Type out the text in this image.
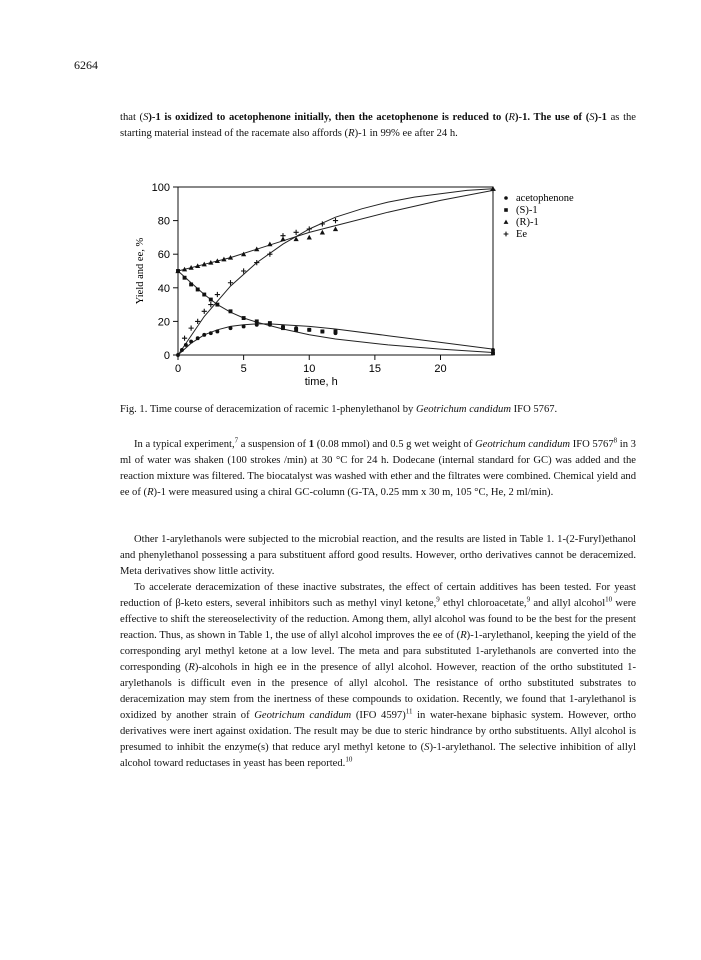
6264

that (S)-1 is oxidized to acetophenone initially, then the acetophenone is reduced to (R)-1. The use of (S)-1 as the starting material instead of the racemate also affords (R)-1 in 99% ee after 24 h.

0
20
40
60
80
100
0	5	10	15	20
acetophenone
(S)-1
(R)-1
Ee
Yield and ee, %
time, h
Fig. 1. Time course of deracemization of racemic 1-phenylethanol by Geotrichum candidum IFO 5767.

In a typical experiment,$^7$ a suspension of 1 (0.08 mmol) and 0.5 g wet weight of Geotrichum candidum IFO 5767$^8$ in 3 ml of water was shaken (100 strokes /min) at 30 °C for 24 h. Dodecane (internal standard for GC) was added and the reaction mixture was filtered. The biocatalyst was washed with ether and the filtrates were combined. Chemical yield and ee of (R)-1 were measured using a chiral GC-column (G-TA, 0.25 mm x 30 m, 105 °C, He, 2 ml/min).

Other 1-arylethanols were subjected to the microbial reaction, and the results are listed in Table 1. 1-(2-Furyl)ethanol and phenylethanol possessing a para substituent afford good results. However, ortho derivatives cannot be deracemized. Meta derivatives show little activity.

To accelerate deracemization of these inactive substrates, the effect of certain additives has been tested. For yeast reduction of β-keto esters, several inhibitors such as methyl vinyl ketone,$^9$ ethyl chloroacetate,$^9$ and allyl alcohol$^{10}$ were effective to shift the stereoselectivity of the reduction. Among them, allyl alcohol was found to be the best for the present reaction. Thus, as shown in Table 1, the use of allyl alcohol improves the ee of (R)-1-arylethanol, keeping the yield of the corresponding aryl methyl ketone at a low level. The meta and para substituted 1-arylethanols are converted into the corresponding (R)-alcohols in high ee in the presence of allyl alcohol. However, reaction of the ortho substituted 1-arylethanols is difficult even in the presence of allyl alcohol. The resistance of ortho substituted substrates to deracemization may stem from the inertness of these compounds to oxidation. Recently, we found that 1-arylethanol is oxidized by another strain of Geotrichum candidum (IFO 4597)$^{11}$ in water-hexane biphasic system. However, ortho derivatives were inert against oxidation. The result may be due to steric hindrance by ortho substituents. Allyl alcohol is presumed to inhibit the enzyme(s) that reduce aryl methyl ketone to (S)-1-arylethanol. The selective inhibition of allyl alcohol toward reductases in yeast has been reported.$^{10}$
